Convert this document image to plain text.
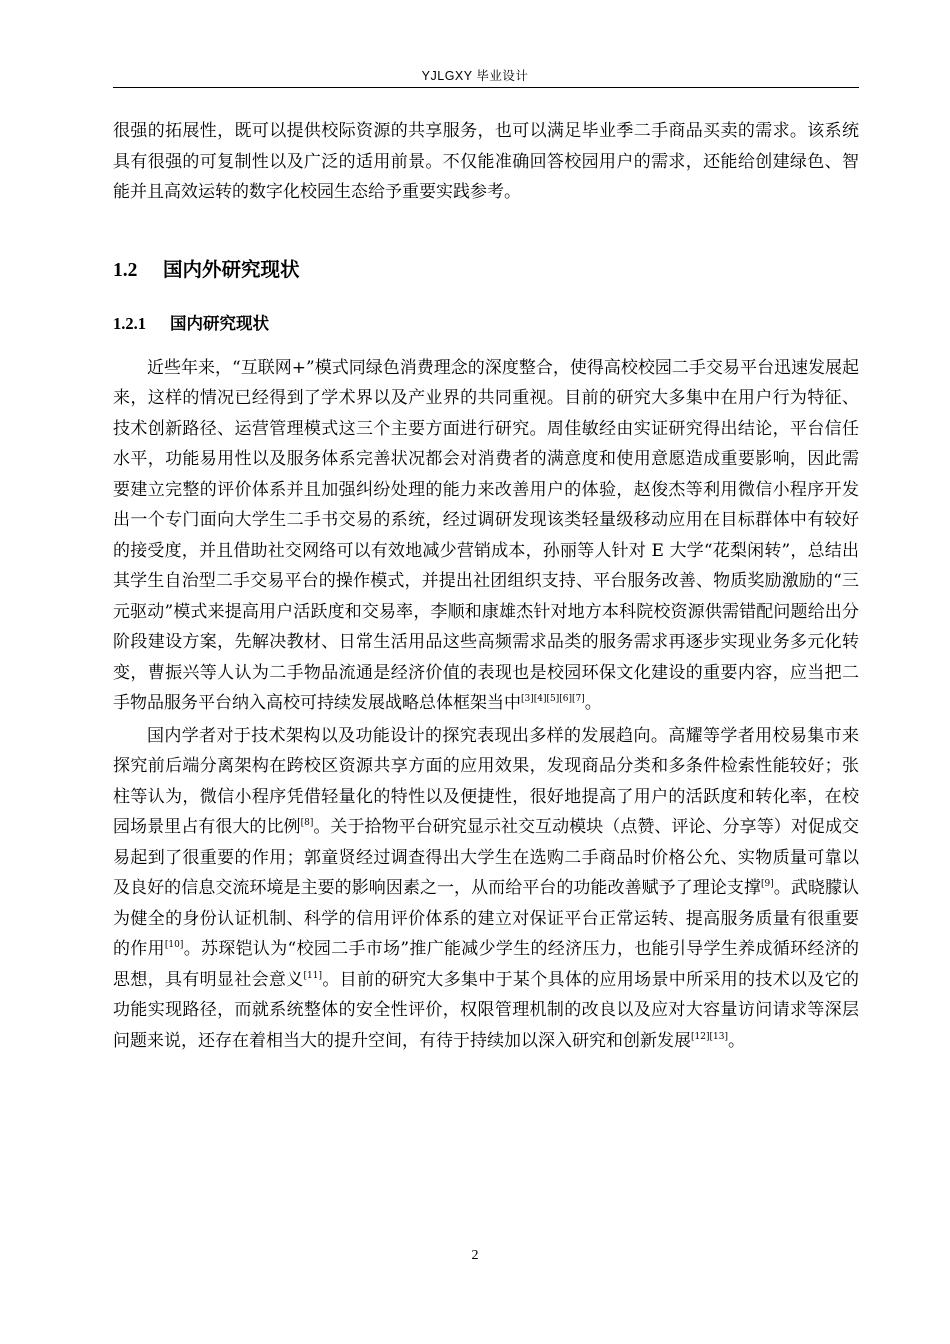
YJLGXY 毕业设计

很强的拓展性，既可以提供校际资源的共享服务，也可以满足毕业季二手商品买卖的需求。该系统具有很强的可复制性以及广泛的适用前景。不仅能准确回答校园用户的需求，还能给创建绿色、智能并且高效运转的数字化校园生态给予重要实践参考。

1.2 国内外研究现状
1.2.1 国内研究现状

近些年来，“互联网+”模式同绿色消费理念的深度整合，使得高校校园二手交易平台迅速发展起来，这样的情况已经得到了学术界以及产业界的共同重视。目前的研究大多集中在用户行为特征、技术创新路径、运营管理模式这三个主要方面进行研究。周佳敏经由实证研究得出结论，平台信任水平，功能易用性以及服务体系完善状况都会对消费者的满意度和使用意愿造成重要影响，因此需要建立完整的评价体系并且加强纠纷处理的能力来改善用户的体验，赵俊杰等利用微信小程序开发出一个专门面向大学生二手书交易的系统，经过调研发现该类轻量级移动应用在目标群体中有较好的接受度，并且借助社交网络可以有效地减少营销成本，孙丽等人针对 E 大学“花梨闲转”，总结出其学生自治型二手交易平台的操作模式，并提出社团组织支持、平台服务改善、物质奖励激励的“三元驱动”模式来提高用户活跃度和交易率，李顺和康雄杰针对地方本科院校资源供需错配问题给出分阶段建设方案，先解决教材、日常生活用品这些高频需求品类的服务需求再逐步实现业务多元化转变，曹振兴等人认为二手物品流通是经济价值的表现也是校园环保文化建设的重要内容，应当把二手物品服务平台纳入高校可持续发展战略总体框架当中[3][4][5][6][7]。

国内学者对于技术架构以及功能设计的探究表现出多样的发展趋向。高耀等学者用校易集市来探究前后端分离架构在跨校区资源共享方面的应用效果，发现商品分类和多条件检索性能较好；张柱等认为，微信小程序凭借轻量化的特性以及便捷性，很好地提高了用户的活跃度和转化率，在校园场景里占有很大的比例[8]。关于拾物平台研究显示社交互动模块（点赞、评论、分享等）对促成交易起到了很重要的作用；郭童贤经过调查得出大学生在选购二手商品时价格公允、实物质量可靠以及良好的信息交流环境是主要的影响因素之一，从而给平台的功能改善赋予了理论支撑[9]。武晓朦认为健全的身份认证机制、科学的信用评价体系的建立对保证平台正常运转、提高服务质量有很重要的作用[10]。苏琛铠认为“校园二手市场”推广能减少学生的经济压力，也能引导学生养成循环经济的思想，具有明显社会意义[11]。目前的研究大多集中于某个具体的应用场景中所采用的技术以及它的功能实现路径，而就系统整体的安全性评价，权限管理机制的改良以及应对大容量访问请求等深层问题来说，还存在着相当大的提升空间，有待于持续加以深入研究和创新发展[12][13]。

2
